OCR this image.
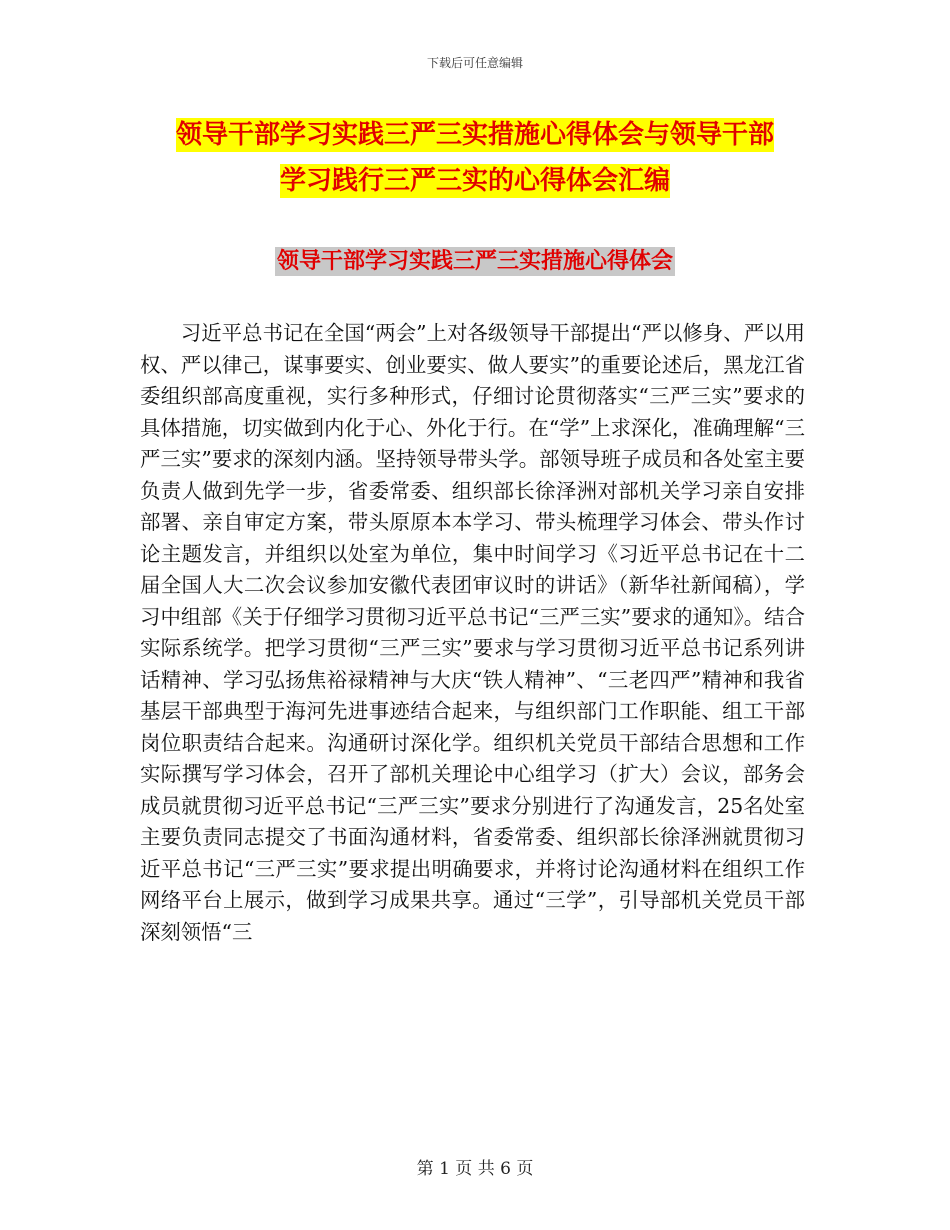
下载后可任意编辑
领导干部学习实践三严三实措施心得体会与领导干部
学习践行三严三实的心得体会汇编
领导干部学习实践三严三实措施心得体会

习近平总书记在全国“两会”上对各级领导干部提出“严以修身、严以用权、严以律己，谋事要实、创业要实、做人要实”的重要论述后，黑龙江省委组织部高度重视，实行多种形式，仔细讨论贯彻落实“三严三实”要求的具体措施，切实做到内化于心、外化于行。在“学”上求深化，准确理解“三严三实”要求的深刻内涵。坚持领导带头学。部领导班子成员和各处室主要负责人做到先学一步，省委常委、组织部长徐泽洲对部机关学习亲自安排部署、亲自审定方案，带头原原本本学习、带头梳理学习体会、带头作讨论主题发言，并组织以处室为单位，集中时间学习《习近平总书记在十二届全国人大二次会议参加安徽代表团审议时的讲话》（新华社新闻稿），学习中组部《关于仔细学习贯彻习近平总书记“三严三实”要求的通知》。结合实际系统学。把学习贯彻“三严三实”要求与学习贯彻习近平总书记系列讲话精神、学习弘扬焦裕禄精神与大庆“铁人精神”、“三老四严”精神和我省基层干部典型于海河先进事迹结合起来，与组织部门工作职能、组工干部岗位职责结合起来。沟通研讨深化学。组织机关党员干部结合思想和工作实际撰写学习体会，召开了部机关理论中心组学习（扩大）会议，部务会成员就贯彻习近平总书记“三严三实”要求分别进行了沟通发言，25名处室主要负责同志提交了书面沟通材料，省委常委、组织部长徐泽洲就贯彻习近平总书记“三严三实”要求提出明确要求，并将讨论沟通材料在组织工作网络平台上展示，做到学习成果共享。通过“三学”，引导部机关党员干部深刻领悟“三

第 1 页 共 6 页
